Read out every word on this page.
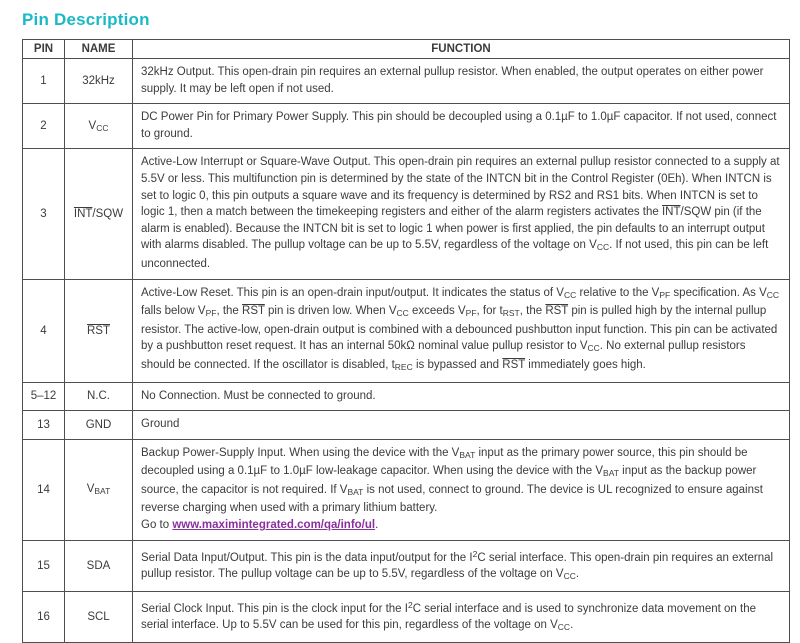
Pin Description
PIN	NAME	FUNCTION
1	32kHz	32kHz Output. This open-drain pin requires an external pullup resistor. When enabled, the output operates on either power supply. It may be left open if not used.
2	$V_{CC}$	DC Power Pin for Primary Power Supply. This pin should be decoupled using a 0.1µF to 1.0µF capacitor. If not used, connect to ground.
3	$\overline{INT}$/SQW	Active-Low Interrupt or Square-Wave Output. This open-drain pin requires an external pullup resistor connected to a supply at 5.5V or less. This multifunction pin is determined by the state of the INTCN bit in the Control Register (0Eh). When INTCN is set to logic 0, this pin outputs a square wave and its frequency is determined by RS2 and RS1 bits. When INTCN is set to logic 1, then a match between the timekeeping registers and either of the alarm registers activates the $\overline{INT}$/SQW pin (if the alarm is enabled). Because the INTCN bit is set to logic 1 when power is first applied, the pin defaults to an interrupt output with alarms disabled. The pullup voltage can be up to 5.5V, regardless of the voltage on $V_{CC}$. If not used, this pin can be left unconnected.
4	$\overline{RST}$	Active-Low Reset. This pin is an open-drain input/output. It indicates the status of $V_{CC}$ relative to the $V_{PF}$ specification. As $V_{CC}$ falls below $V_{PF}$, the $\overline{RST}$ pin is driven low. When $V_{CC}$ exceeds $V_{PF}$, for $t_{RST}$, the $\overline{RST}$ pin is pulled high by the internal pullup resistor. The active-low, open-drain output is combined with a debounced pushbutton input function. This pin can be activated by a pushbutton reset request. It has an internal 50kΩ nominal value pullup resistor to $V_{CC}$. No external pullup resistors should be connected. If the oscillator is disabled, $t_{REC}$ is bypassed and $\overline{RST}$ immediately goes high.
5–12	N.C.	No Connection. Must be connected to ground.
13	GND	Ground
14	$V_{BAT}$	Backup Power-Supply Input. When using the device with the $V_{BAT}$ input as the primary power source, this pin should be decoupled using a 0.1µF to 1.0µF low-leakage capacitor. When using the device with the $V_{BAT}$ input as the backup power source, the capacitor is not required. If $V_{BAT}$ is not used, connect to ground. The device is UL recognized to ensure against reverse charging when used with a primary lithium battery.
Go to www.maximintegrated.com/qa/info/ul.
15	SDA	Serial Data Input/Output. This pin is the data input/output for the $I^2C$ serial interface. This open-drain pin requires an external pullup resistor. The pullup voltage can be up to 5.5V, regardless of the voltage on $V_{CC}$.
16	SCL	Serial Clock Input. This pin is the clock input for the $I^2C$ serial interface and is used to synchronize data movement on the serial interface. Up to 5.5V can be used for this pin, regardless of the voltage on $V_{CC}$.
